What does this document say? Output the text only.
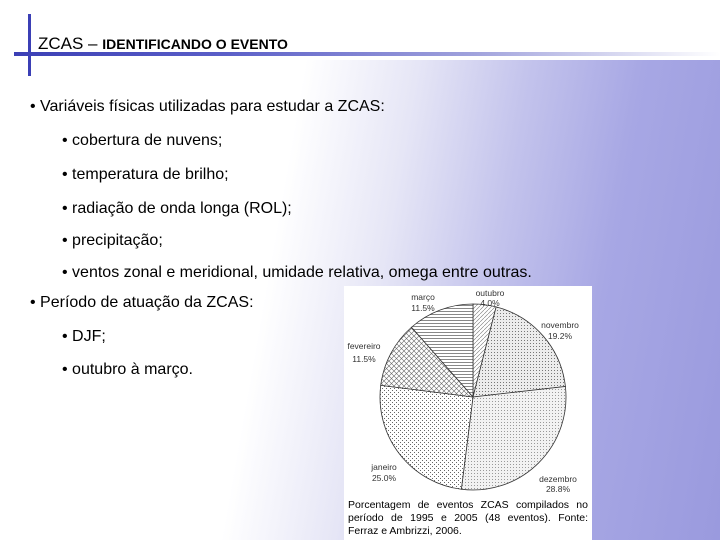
ZCAS – IDENTIFICANDO O EVENTO
• Variáveis físicas utilizadas para estudar a ZCAS:
• cobertura de nuvens;
• temperatura de brilho;
• radiação de onda longa (ROL);
• precipitação;
• ventos zonal e meridional, umidade relativa, omega entre outras.
• Período de atuação da ZCAS:
• DJF;
• outubro à março.
outubro
4.0%
novembro
19.2%
dezembro
28.8%
janeiro
25.0%
fevereiro
11.5%
março
11.5%
Porcentagem de eventos ZCAS compilados no período de 1995 e 2005 (48 eventos). Fonte: Ferraz e Ambrizzi, 2006.
